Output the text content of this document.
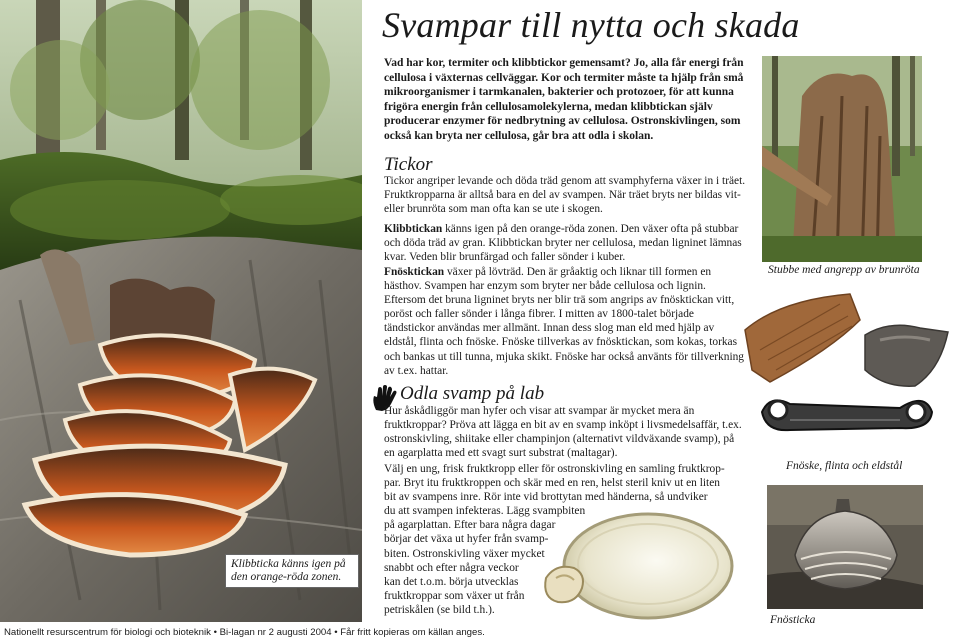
Klibbticka känns igen på den orange-röda zonen.
Svampar till nytta och skada

Vad har kor, termiter och klibbtickor gemensamt? Jo, alla får energi från cellulosa i växternas cellväggar. Kor och termiter måste ta hjälp från små mikroorganismer i tarmkanalen, bakterier och protozoer, för att kunna frigöra energin från cellulosamolekylerna, medan klibbtickan själv producerar enzymer för nedbrytning av cellulosa. Ostronskivlingen, som också kan bryta ner cellulosa, går bra att odla i skolan.

Tickor

Tickor angriper levande och döda träd genom att svamphyferna växer in i träet. Fruktkropparna är alltså bara en del av svampen. När träet bryts ner bildas vit- eller brunröta som man ofta kan se ute i skogen.

Klibbtickan känns igen på den orange-röda zonen. Den växer ofta på stubbar och döda träd av gran. Klibbtickan bryter ner cellulosa, medan ligninet lämnas kvar. Veden blir brunfärgad och faller sönder i kuber.

Fnösktickan växer på lövträd. Den är gråaktig och liknar till formen en hästhov. Svampen har enzym som bryter ner både cellulosa och lignin. Eftersom det bruna ligninet bryts ner blir trä som angrips av fnösktickan vitt, poröst och faller sönder i långa fibrer. I mitten av 1800-talet började tändstickor användas mer allmänt. Innan dess slog man eld med hjälp av eldstål, flinta och fnöske. Fnöske tillverkas av fnösktickan, som kokas, torkas och bankas ut till tunna, mjuka skikt. Fnöske har också använts för tillverkning av t.ex. hattar.

Odla svamp på lab

Hur åskådliggör man hyfer och visar att svampar är mycket mera än fruktkroppar? Pröva att lägga en bit av en svamp inköpt i livsmedelsaffär, t.ex. ostronskivling, shiitake eller champinjon (alternativt vildväxande svamp), på en agarplatta med ett svagt surt substrat (maltagar).

Välj en ung, frisk fruktkropp eller för ostronskivling en samling fruktkrop-
par. Bryt itu fruktkroppen och skär med en ren, helst steril kniv ut en liten
bit av svampens inre. Rör inte vid brottytan med händerna, så undviker
du att svampen infekteras. Lägg svampbiten
på agarplattan. Efter bara några dagar
börjar det växa ut hyfer från svamp-
biten. Ostronskivling växer mycket
snabbt och efter några veckor
kan det t.o.m. börja utvecklas
fruktkroppar som växer ut från
petriskålen (se bild t.h.).

Stubbe med angrepp av brunröta
Fnöske, flinta och eldstål
Fnösticka
Nationellt resurscentrum för biologi och bioteknik • Bi-lagan nr 2 augusti 2004 • Får fritt kopieras om källan anges.
